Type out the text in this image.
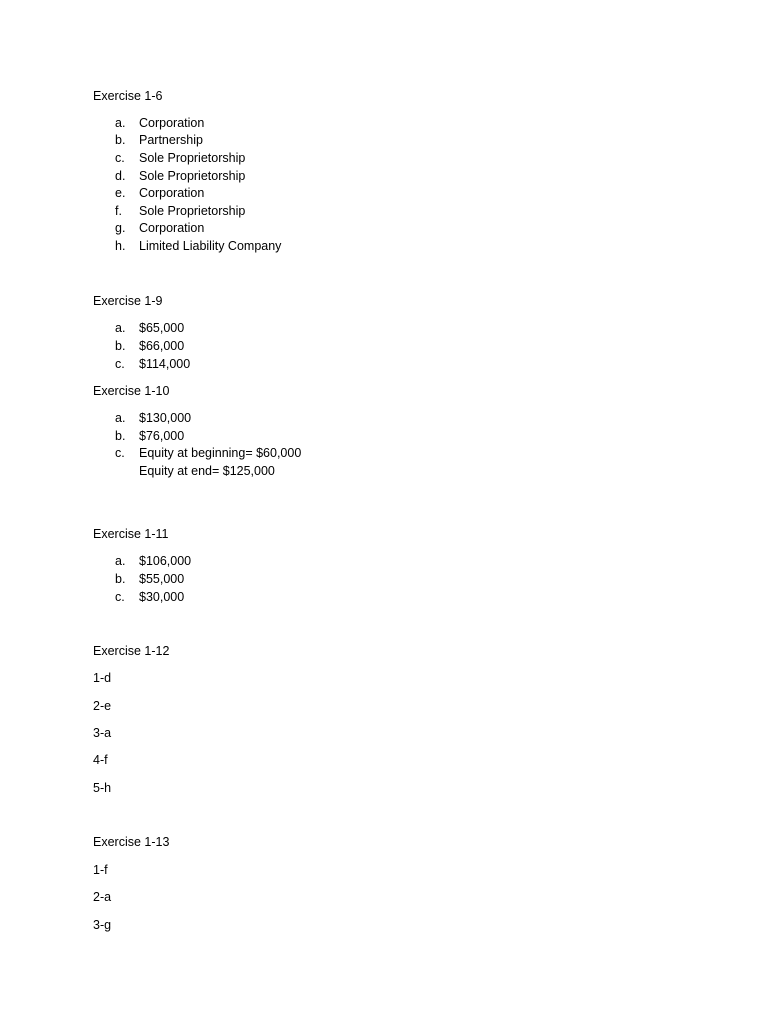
Exercise 1-6
a. Corporation
b. Partnership
c. Sole Proprietorship
d. Sole Proprietorship
e. Corporation
f. Sole Proprietorship
g. Corporation
h. Limited Liability Company
Exercise 1-9
a. $65,000
b. $66,000
c. $114,000
Exercise 1-10
a. $130,000
b. $76,000
c. Equity at beginning= $60,000
Equity at end= $125,000
Exercise 1-11
a. $106,000
b. $55,000
c. $30,000
Exercise 1-12
1-d
2-e
3-a
4-f
5-h
Exercise 1-13
1-f
2-a
3-g
